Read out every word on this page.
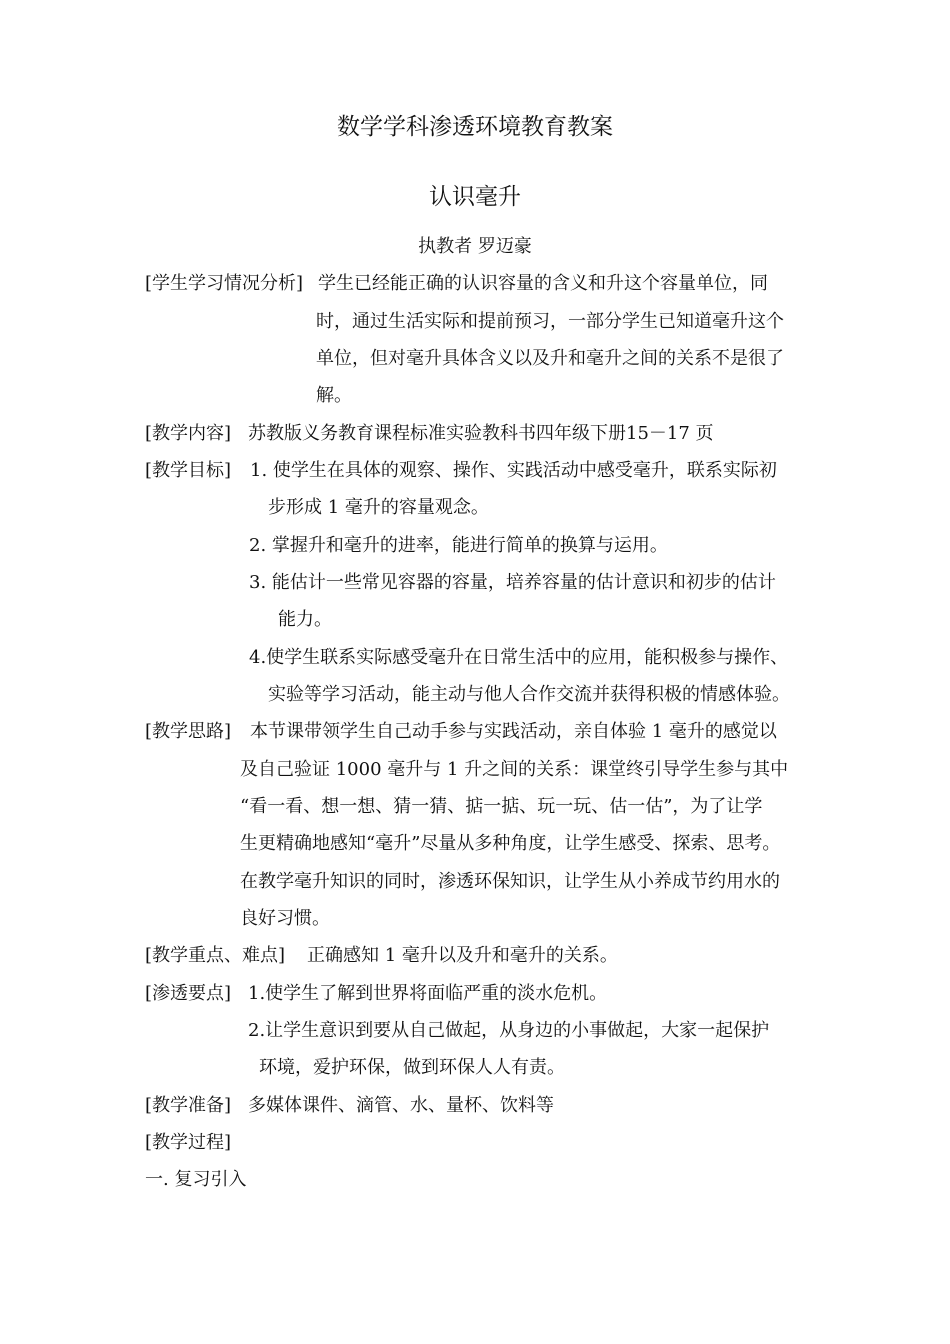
数学学科渗透环境教育教案
认识毫升
执教者 罗迈豪
[学生学习情况分析] 学生已经能正确的认识容量的含义和升这个容量单位，同
时，通过生活实际和提前预习，一部分学生已知道毫升这个
单位，但对毫升具体含义以及升和毫升之间的关系不是很了
解。
[教学内容] 苏教版义务教育课程标准实验教科书四年级下册15－17 页
[教学目标] 1. 使学生在具体的观察、操作、实践活动中感受毫升，联系实际初
步形成 1 毫升的容量观念。
2. 掌握升和毫升的进率，能进行简单的换算与运用。
3. 能估计一些常见容器的容量，培养容量的估计意识和初步的估计
能力。
4.使学生联系实际感受毫升在日常生活中的应用，能积极参与操作、
实验等学习活动，能主动与他人合作交流并获得积极的情感体验。
[教学思路] 本节课带领学生自己动手参与实践活动，亲自体验 1 毫升的感觉以
及自己验证 1000 毫升与 1 升之间的关系：课堂终引导学生参与其中
“看一看、想一想、猜一猜、掂一掂、玩一玩、估一估”，为了让学
生更精确地感知“毫升”尽量从多种角度，让学生感受、探索、思考。
在教学毫升知识的同时，渗透环保知识，让学生从小养成节约用水的
良好习惯。
[教学重点、难点] 正确感知 1 毫升以及升和毫升的关系。
[渗透要点] 1.使学生了解到世界将面临严重的淡水危机。
2.让学生意识到要从自己做起，从身边的小事做起，大家一起保护
环境，爱护环保，做到环保人人有责。
[教学准备] 多媒体课件、滴管、水、量杯、饮料等
[教学过程]
一. 复习引入
